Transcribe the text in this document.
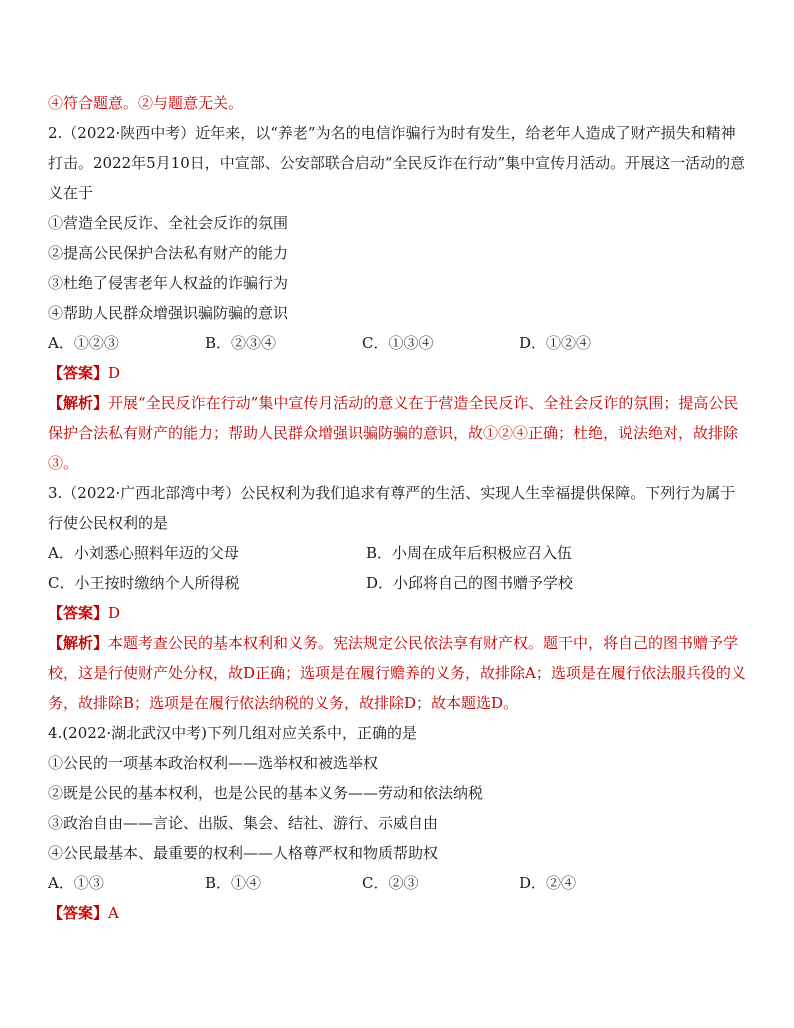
④符合题意。②与题意无关。

2.（2022·陕西中考）近年来，以“养老”为名的电信诈骗行为时有发生，给老年人造成了财产损失和精神打击。2022年5月10日，中宣部、公安部联合启动“全民反诈在行动”集中宣传月活动。开展这一活动的意义在于

①营造全民反诈、全社会反诈的氛围

②提高公民保护合法私有财产的能力

③杜绝了侵害老年人权益的诈骗行为

④帮助人民群众增强识骗防骗的意识

A．①②③	B．②③④	C．①③④	D．①②④

【答案】D

【解析】开展“全民反诈在行动”集中宣传月活动的意义在于营造全民反诈、全社会反诈的氛围；提高公民保护合法私有财产的能力；帮助人民群众增强识骗防骗的意识，故①②④正确；杜绝，说法绝对，故排除③。

3.（2022·广西北部湾中考）公民权利为我们追求有尊严的生活、实现人生幸福提供保障。下列行为属于行使公民权利的是

A．小刘悉心照料年迈的父母	B．小周在成年后积极应召入伍
C．小王按时缴纳个人所得税	D．小邱将自己的图书赠予学校

【答案】D

【解析】本题考查公民的基本权利和义务。宪法规定公民依法享有财产权。题干中，将自己的图书赠予学校，这是行使财产处分权，故D正确；选项是在履行赡养的义务，故排除A；选项是在履行依法服兵役的义务，故排除B；选项是在履行依法纳税的义务，故排除D；故本题选D。

4.(2022·湖北武汉中考)下列几组对应关系中，正确的是

①公民的一项基本政治权利——选举权和被选举权

②既是公民的基本权利，也是公民的基本义务——劳动和依法纳税

③政治自由——言论、出版、集会、结社、游行、示威自由

④公民最基本、最重要的权利——人格尊严权和物质帮助权

A．①③	B．①④	C．②③	D．②④

【答案】A
